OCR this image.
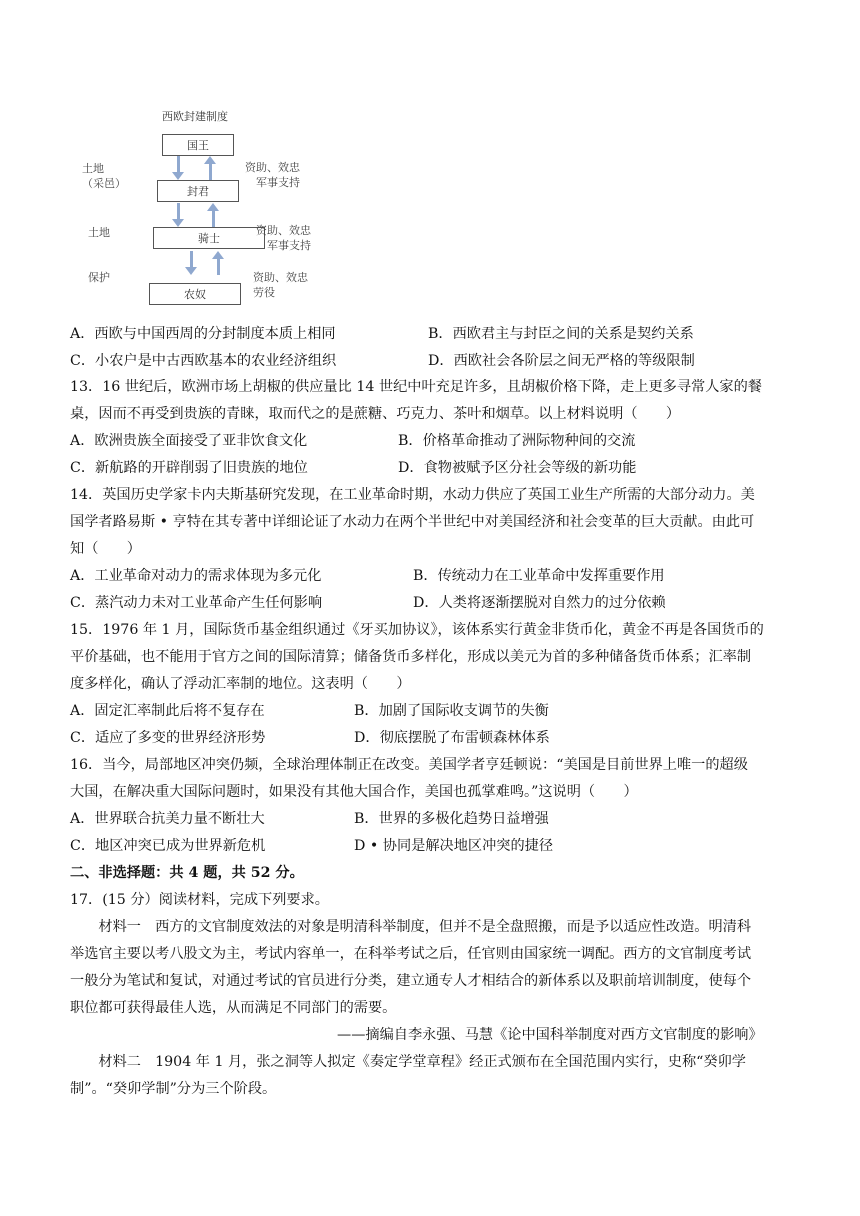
西欧封建制度
国王
封君
骑士
农奴
土地
（采邑）
土地
保护
资助、效忠
军事支持
资助、效忠
军事支持
资助、效忠
劳役
A．西欧与中国西周的分封制度本质上相同	B．西欧君主与封臣之间的关系是契约关系
C．小农户是中古西欧基本的农业经济组织	D．西欧社会各阶层之间无严格的等级限制
13．16 世纪后，欧洲市场上胡椒的供应量比 14 世纪中叶充足许多，且胡椒价格下降，走上更多寻常人家的餐
桌，因而不再受到贵族的青睐，取而代之的是蔗糖、巧克力、茶叶和烟草。以上材料说明（　　）
A．欧洲贵族全面接受了亚非饮食文化	B．价格革命推动了洲际物种间的交流
C．新航路的开辟削弱了旧贵族的地位	D．食物被赋予区分社会等级的新功能
14．英国历史学家卡内夫斯基研究发现，在工业革命时期，水动力供应了英国工业生产所需的大部分动力。美
国学者路易斯 • 亨特在其专著中详细论证了水动力在两个半世纪中对美国经济和社会变革的巨大贡献。由此可
知（　　）
A．工业革命对动力的需求体现为多元化	B．传统动力在工业革命中发挥重要作用
C．蒸汽动力未对工业革命产生任何影响	D．人类将逐渐摆脱对自然力的过分依赖
15．1976 年 1 月，国际货币基金组织通过《牙买加协议》，该体系实行黄金非货币化，黄金不再是各国货币的
平价基础，也不能用于官方之间的国际清算；储备货币多样化，形成以美元为首的多种储备货币体系；汇率制
度多样化，确认了浮动汇率制的地位。这表明（　　）
A．固定汇率制此后将不复存在	B．加剧了国际收支调节的失衡
C．适应了多变的世界经济形势	D．彻底摆脱了布雷顿森林体系
16．当今，局部地区冲突仍频，全球治理体制正在改变。美国学者亨廷顿说：“美国是目前世界上唯一的超级
大国，在解决重大国际问题时，如果没有其他大国合作，美国也孤掌难鸣。”这说明（　　）
A．世界联合抗美力量不断壮大	B．世界的多极化趋势日益增强
C．地区冲突已成为世界新危机	D • 协同是解决地区冲突的捷径
二、非选择题：共 4 题，共 52 分。
17．(15 分）阅读材料，完成下列要求。
　　材料一　西方的文官制度效法的对象是明清科举制度，但并不是全盘照搬，而是予以适应性改造。明清科
举选官主要以考八股文为主，考试内容单一，在科举考试之后，任官则由国家统一调配。西方的文官制度考试
一般分为笔试和复试，对通过考试的官员进行分类，建立通专人才相结合的新体系以及职前培训制度，使每个
职位都可获得最佳人选，从而满足不同部门的需要。
——摘编自李永强、马慧《论中国科举制度对西方文官制度的影响》
　　材料二　1904 年 1 月，张之洞等人拟定《奏定学堂章程》经正式颁布在全国范围内实行，史称“癸卯学
制”。“癸卯学制”分为三个阶段。
